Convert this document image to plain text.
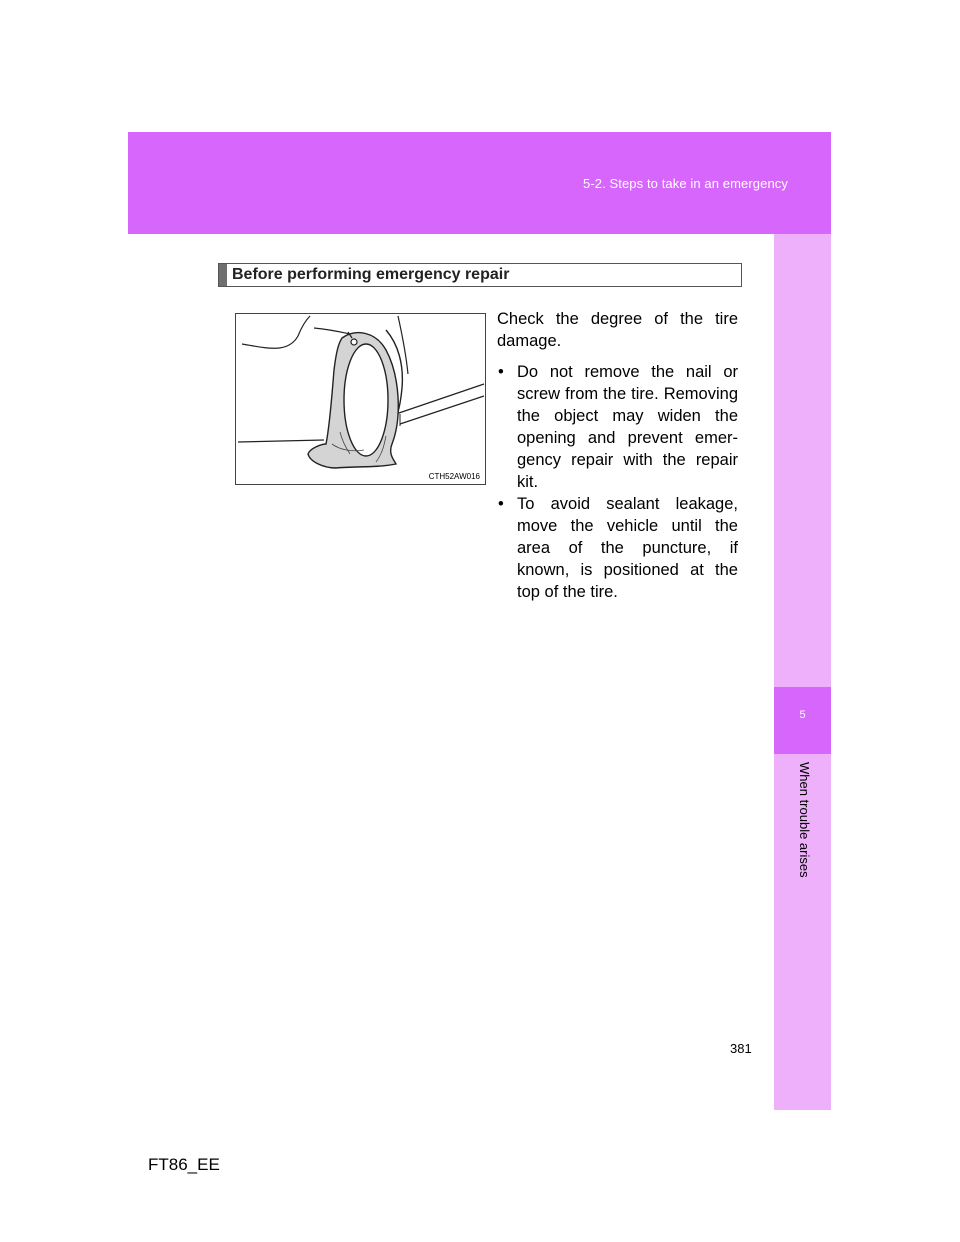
5-2. Steps to take in an emergency
5
When trouble arises
Before performing emergency repair
CTH52AW016

Check the degree of the tire damage.

• Do not remove the nail or screw from the tire. Removing the object may widen the opening and prevent emer-gency repair with the repair kit.
• To avoid sealant leakage, move the vehicle until the area of the puncture, if known, is positioned at the top of the tire.
381
FT86_EE
